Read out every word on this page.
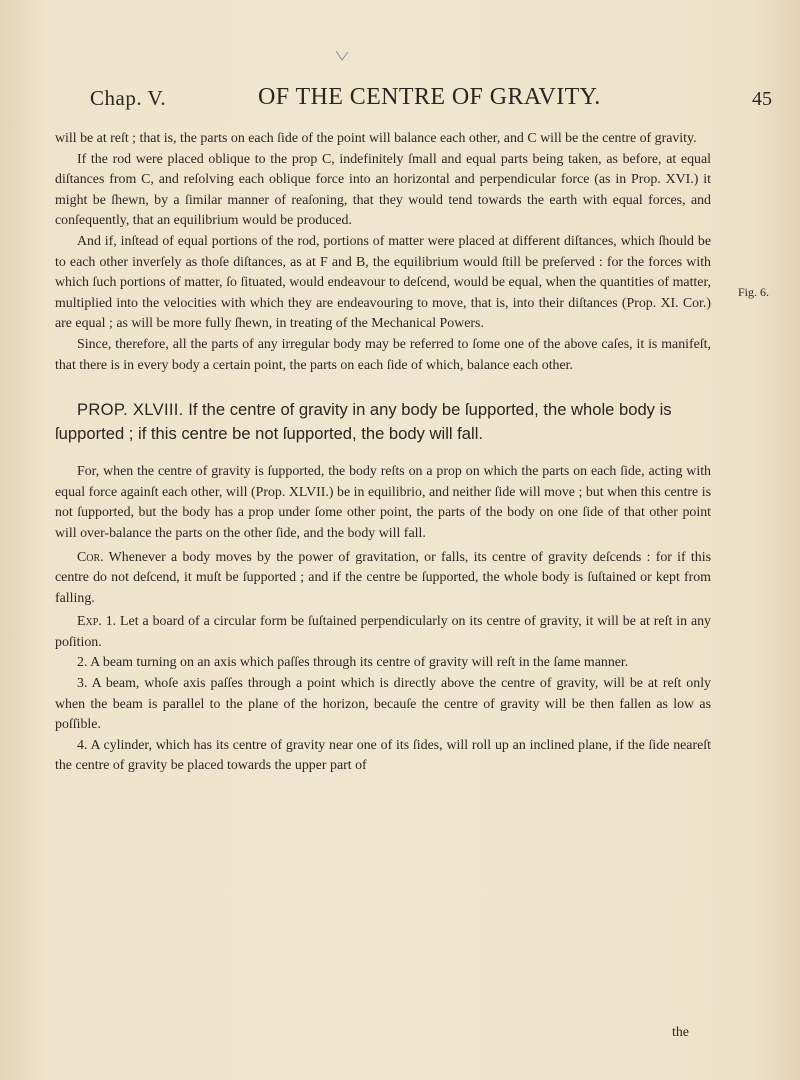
Chap. V.	OF THE CENTRE OF GRAVITY.	45
Fig. 6.

will be at reſt ; that is, the parts on each ſide of the point will balance each other, and C will be the centre of gravity.

If the rod were placed oblique to the prop C, indefinitely ſmall and equal parts being taken, as before, at equal diſtances from C, and reſolving each oblique force into an horizontal and perpendicular force (as in Prop. XVI.) it might be ſhewn, by a ſimilar manner of reaſoning, that they would tend towards the earth with equal forces, and conſequently, that an equilibrium would be produced.

And if, inſtead of equal portions of the rod, portions of matter were placed at different diſtances, which ſhould be to each other inverſely as thoſe diſtances, as at F and B, the equilibrium would ſtill be preſerved : for the forces with which ſuch portions of matter, ſo ſituated, would endeavour to deſcend, would be equal, when the quantities of matter, multiplied into the velocities with which they are endeavouring to move, that is, into their diſtances (Prop. XI. Cor.) are equal ; as will be more fully ſhewn, in treating of the Mechanical Powers.

Since, therefore, all the parts of any irregular body may be referred to ſome one of the above caſes, it is manifeſt, that there is in every body a certain point, the parts on each ſide of which, balance each other.

PROP. XLVIII. If the centre of gravity in any body be ſupported, the whole body is ſupported ; if this centre be not ſupported, the body will fall.

For, when the centre of gravity is ſupported, the body reſts on a prop on which the parts on each ſide, acting with equal force againſt each other, will (Prop. XLVII.) be in equilibrio, and neither ſide will move ; but when this centre is not ſupported, but the body has a prop under ſome other point, the parts of the body on one ſide of that other point will over-balance the parts on the other ſide, and the body will fall.

Cor. Whenever a body moves by the power of gravitation, or falls, its centre of gravity deſcends : for if this centre do not deſcend, it muſt be ſupported ; and if the centre be ſupported, the whole body is ſuſtained or kept from falling.

Exp. 1. Let a board of a circular form be ſuſtained perpendicularly on its centre of gravity, it will be at reſt in any poſition.

2. A beam turning on an axis which paſſes through its centre of gravity will reſt in the ſame manner.

3. A beam, whoſe axis paſſes through a point which is directly above the centre of gravity, will be at reſt only when the beam is parallel to the plane of the horizon, becauſe the centre of gravity will be then fallen as low as poſſible.

4. A cylinder, which has its centre of gravity near one of its ſides, will roll up an inclined plane, if the ſide neareſt the centre of gravity be placed towards the upper part of

the
